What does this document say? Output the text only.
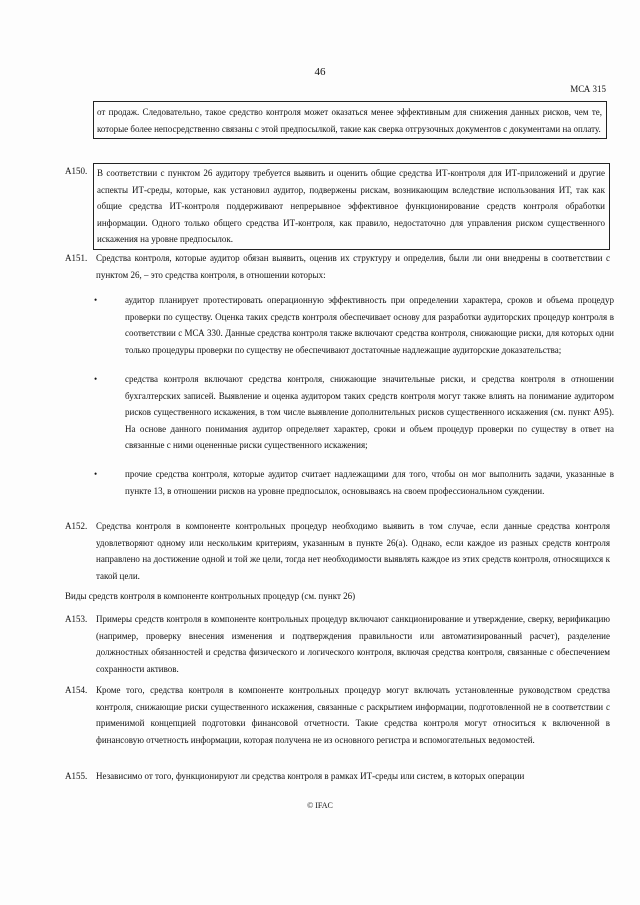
46
МСА 315
от продаж. Следовательно, такое средство контроля может оказаться менее эффективным для снижения данных рисков, чем те, которые более непосредственно связаны с этой предпосылкой, такие как сверка отгрузочных документов с документами на оплату.
A150.	В соответствии с пунктом 26 аудитору требуется выявить и оценить общие средства ИТ-контроля для ИТ-приложений и другие аспекты ИТ-среды, которые, как установил аудитор, подвержены рискам, возникающим вследствие использования ИТ, так как общие средства ИТ-контроля поддерживают непрерывное эффективное функционирование средств контроля обработки информации. Одного только общего средства ИТ-контроля, как правило, недостаточно для управления риском существенного искажения на уровне предпосылок.
A151. Средства контроля, которые аудитор обязан выявить, оценив их структуру и определив, были ли они внедрены в соответствии с пунктом 26, – это средства контроля, в отношении которых:
•	аудитор планирует протестировать операционную эффективность при определении характера, сроков и объема процедур проверки по существу. Оценка таких средств контроля обеспечивает основу для разработки аудиторских процедур контроля в соответствии с МСА 330. Данные средства контроля также включают средства контроля, снижающие риски, для которых одни только процедуры проверки по существу не обеспечивают достаточные надлежащие аудиторские доказательства;
•	средства контроля включают средства контроля, снижающие значительные риски, и средства контроля в отношении бухгалтерских записей. Выявление и оценка аудитором таких средств контроля могут также влиять на понимание аудитором рисков существенного искажения, в том числе выявление дополнительных рисков существенного искажения (см. пункт A95). На основе данного понимания аудитор определяет характер, сроки и объем процедур проверки по существу в ответ на связанные с ними оцененные риски существенного искажения;
•	прочие средства контроля, которые аудитор считает надлежащими для того, чтобы он мог выполнить задачи, указанные в пункте 13, в отношении рисков на уровне предпосылок, основываясь на своем профессиональном суждении.
A152. Средства контроля в компоненте контрольных процедур необходимо выявить в том случае, если данные средства контроля удовлетворяют одному или нескольким критериям, указанным в пункте 26(а). Однако, если каждое из разных средств контроля направлено на достижение одной и той же цели, тогда нет необходимости выявлять каждое из этих средств контроля, относящихся к такой цели.
Виды средств контроля в компоненте контрольных процедур (см. пункт 26)
A153. Примеры средств контроля в компоненте контрольных процедур включают санкционирование и утверждение, сверку, верификацию (например, проверку внесения изменения и подтверждения правильности или автоматизированный расчет), разделение должностных обязанностей и средства физического и логического контроля, включая средства контроля, связанные с обеспечением сохранности активов.
A154. Кроме того, средства контроля в компоненте контрольных процедур могут включать установленные руководством средства контроля, снижающие риски существенного искажения, связанные с раскрытием информации, подготовленной не в соответствии с применимой концепцией подготовки финансовой отчетности. Такие средства контроля могут относиться к включенной в финансовую отчетность информации, которая получена не из основного регистра и вспомогательных ведомостей.
A155. Независимо от того, функционируют ли средства контроля в рамках ИТ-среды или систем, в которых операции
© IFAC
